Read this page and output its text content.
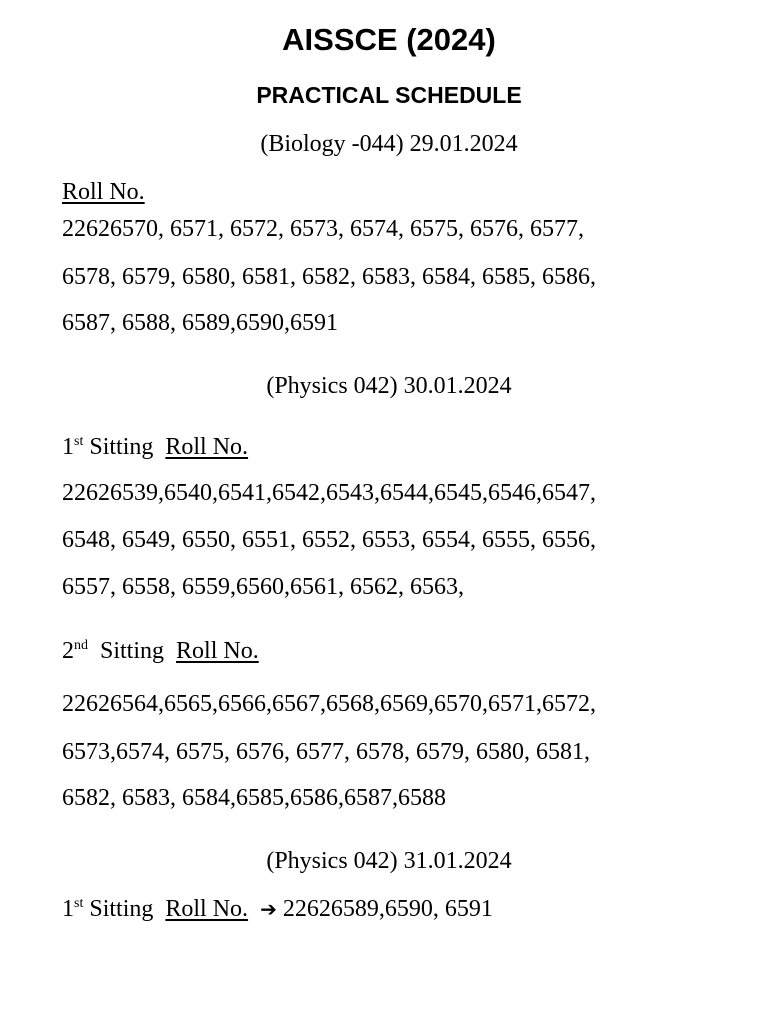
AISSCE (2024)
PRACTICAL SCHEDULE
(Biology -044) 29.01.2024
Roll No.
22626570, 6571, 6572, 6573, 6574, 6575, 6576, 6577,
6578, 6579, 6580, 6581, 6582, 6583, 6584, 6585, 6586,
6587, 6588, 6589,6590,6591
(Physics 042) 30.01.2024
1st Sitting Roll No.
22626539,6540,6541,6542,6543,6544,6545,6546,6547,
6548, 6549, 6550, 6551, 6552, 6553, 6554, 6555, 6556,
6557, 6558, 6559,6560,6561, 6562, 6563,
2nd Sitting Roll No.
22626564,6565,6566,6567,6568,6569,6570,6571,6572,
6573,6574, 6575, 6576, 6577, 6578, 6579, 6580, 6581,
6582, 6583, 6584,6585,6586,6587,6588
(Physics 042) 31.01.2024
1st Sitting Roll No. ➔ 22626589,6590, 6591
